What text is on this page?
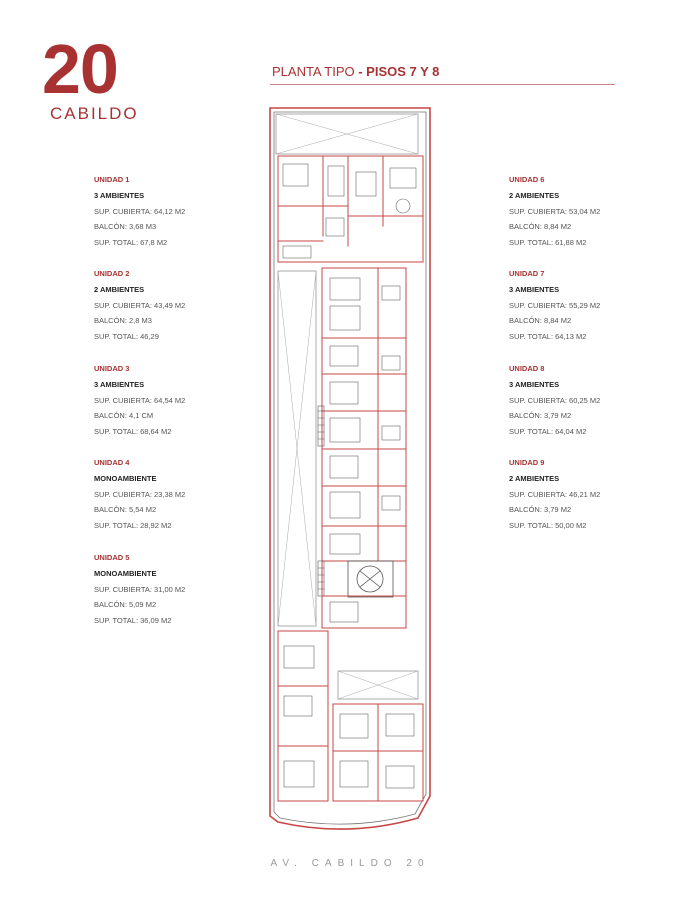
20
CABILDO
PLANTA TIPO - PISOS 7 Y 8
UNIDAD 1
3 AMBIENTES
SUP. CUBIERTA: 64,12 M2
BALCÓN: 3,68 M3
SUP. TOTAL: 67,8 M2
UNIDAD 2
2 AMBIENTES
SUP. CUBIERTA: 43,49 M2
BALCÓN: 2,8 M3
SUP. TOTAL: 46,29
UNIDAD 3
3 AMBIENTES
SUP. CUBIERTA: 64,54 M2
BALCÓN: 4,1 CM
SUP. TOTAL: 68,64 M2
UNIDAD 4
MONOAMBIENTE
SUP. CUBIERTA: 23,38 M2
BALCÓN: 5,54 M2
SUP. TOTAL: 28,92 M2
UNIDAD 5
MONOAMBIENTE
SUP. CUBIERTA: 31,00 M2
BALCÓN: 5,09 M2
SUP. TOTAL: 36,09 M2
UNIDAD 6
2 AMBIENTES
SUP. CUBIERTA: 53,04 M2
BALCÓN: 8,84 M2
SUP. TOTAL: 61,88 M2
UNIDAD 7
3 AMBIENTES
SUP. CUBIERTA: 55,29 M2
BALCÓN: 8,84 M2
SUP. TOTAL: 64,13 M2
UNIDAD 8
3 AMBIENTES
SUP. CUBIERTA: 60,25 M2
BALCÓN: 3,79 M2
SUP. TOTAL: 64,04 M2
UNIDAD 9
2 AMBIENTES
SUP. CUBIERTA: 46,21 M2
BALCÓN: 3,79 M2
SUP. TOTAL: 50,00 M2
AV. CABILDO 20
